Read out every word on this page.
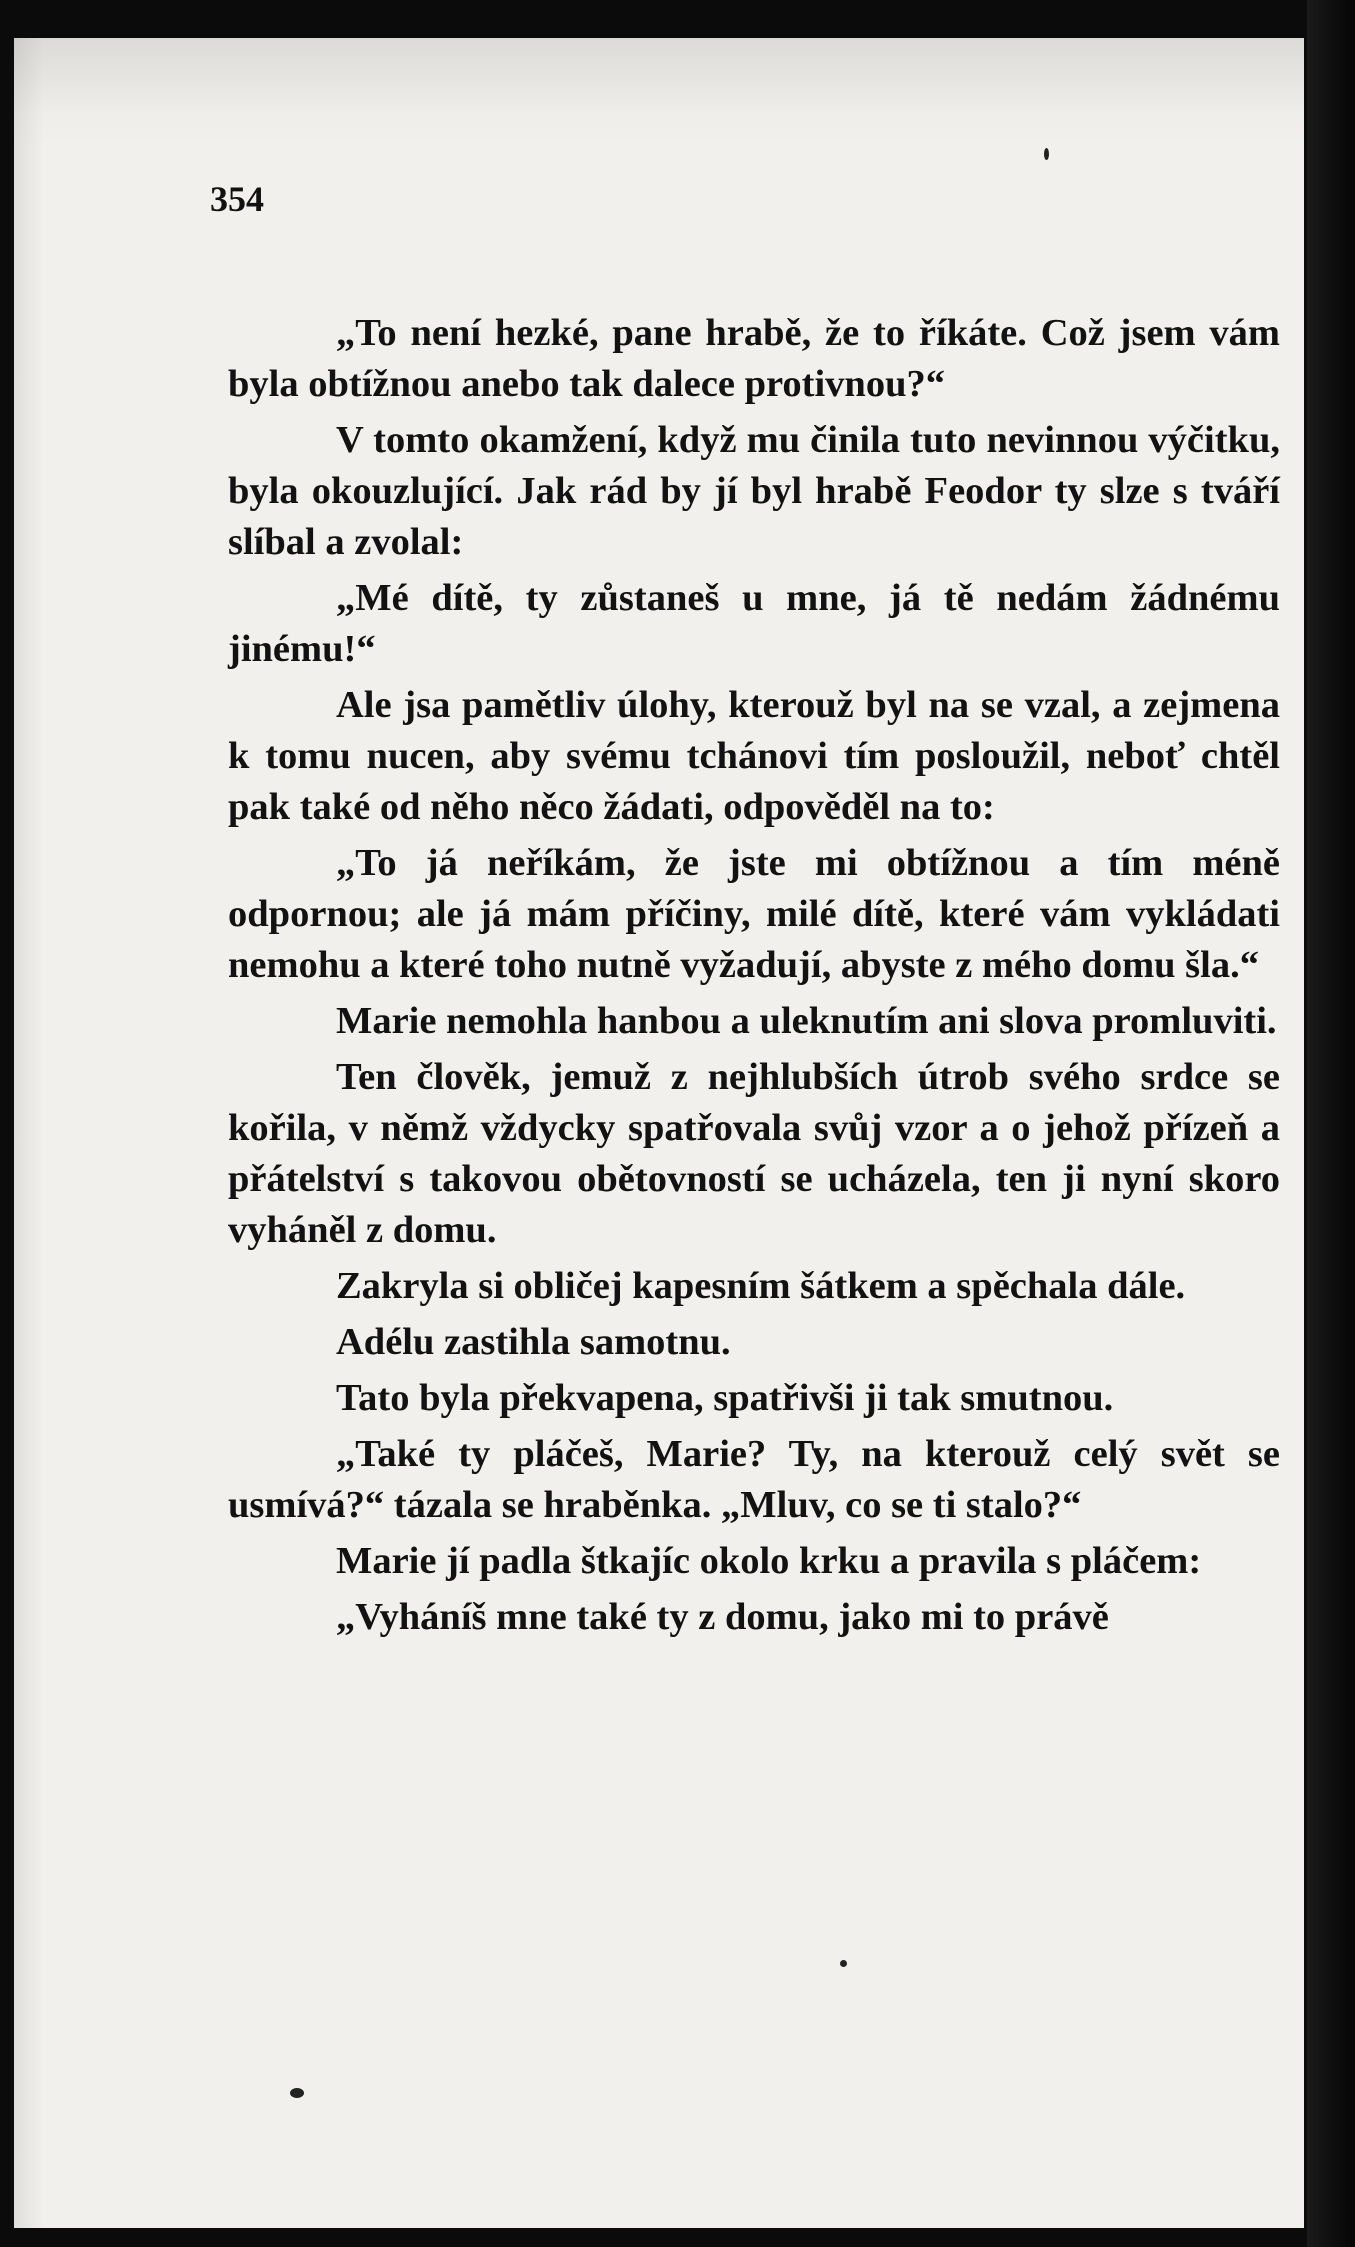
354

„To není hezké, pane hrabě, že to říkáte. Což jsem vám byla obtížnou anebo tak dalece protivnou?“

V tomto okamžení, když mu činila tuto nevinnou výčitku, byla okouzlující. Jak rád by jí byl hrabě Feodor ty slze s tváří slíbal a zvolal:

„Mé dítě, ty zůstaneš u mne, já tě nedám žádnému jinému!“

Ale jsa pamětliv úlohy, kterouž byl na se vzal, a zejmena k tomu nucen, aby svému tchánovi tím posloužil, neboť chtěl pak také od něho něco žádati, odpověděl na to:

„To já neříkám, že jste mi obtížnou a tím méně odpornou; ale já mám příčiny, milé dítě, které vám vykládati nemohu a které toho nutně vyžadují, abyste z mého domu šla.“

Marie nemohla hanbou a uleknutím ani slova promluviti.

Ten člověk, jemuž z nejhlubších útrob svého srdce se kořila, v němž vždycky spatřovala svůj vzor a o jehož přízeň a přátelství s takovou obětovností se ucházela, ten ji nyní skoro vyháněl z domu.

Zakryla si obličej kapesním šátkem a spěchala dále.

Adélu zastihla samotnu.

Tato byla překvapena, spatřivši ji tak smutnou.

„Také ty pláčeš, Marie? Ty, na kterouž celý svět se usmívá?“ tázala se hraběnka. „Mluv, co se ti stalo?“

Marie jí padla štkajíc okolo krku a pravila s pláčem:

„Vyháníš mne také ty z domu, jako mi to právě
